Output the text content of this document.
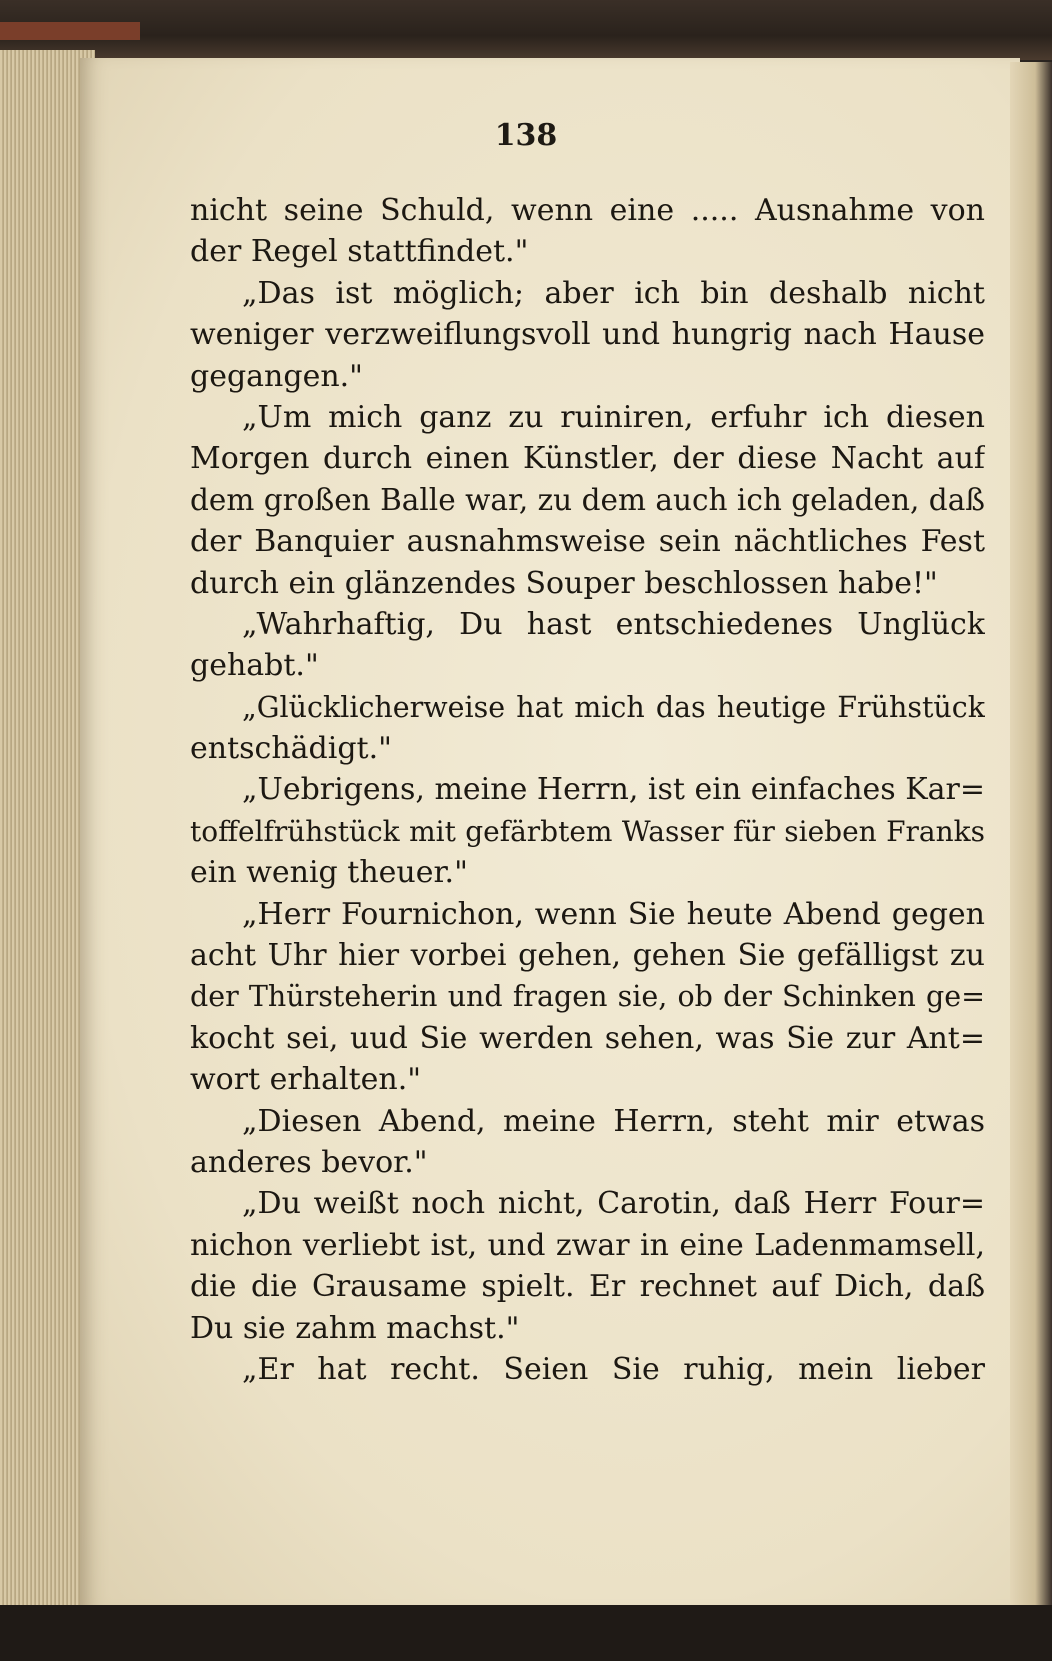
138
nicht seine Schuld, wenn eine ..... Ausnahme von
der Regel stattfindet."
„Das ist möglich; aber ich bin deshalb nicht
weniger verzweiflungsvoll und hungrig nach Hause
gegangen."
„Um mich ganz zu ruiniren, erfuhr ich diesen
Morgen durch einen Künstler, der diese Nacht auf
dem großen Balle war, zu dem auch ich geladen, daß
der Banquier ausnahmsweise sein nächtliches Fest
durch ein glänzendes Souper beschlossen habe!"
„Wahrhaftig, Du hast entschiedenes Unglück
gehabt."
„Glücklicherweise hat mich das heutige Frühstück
entschädigt."
„Uebrigens, meine Herrn, ist ein einfaches Kar=
toffelfrühstück mit gefärbtem Wasser für sieben Franks
ein wenig theuer."
„Herr Fournichon, wenn Sie heute Abend gegen
acht Uhr hier vorbei gehen, gehen Sie gefälligst zu
der Thürsteherin und fragen sie, ob der Schinken ge=
kocht sei, uud Sie werden sehen, was Sie zur Ant=
wort erhalten."
„Diesen Abend, meine Herrn, steht mir etwas
anderes bevor."
„Du weißt noch nicht, Carotin, daß Herr Four=
nichon verliebt ist, und zwar in eine Ladenmamsell,
die die Grausame spielt. Er rechnet auf Dich, daß
Du sie zahm machst."
„Er hat recht. Seien Sie ruhig, mein lieber
